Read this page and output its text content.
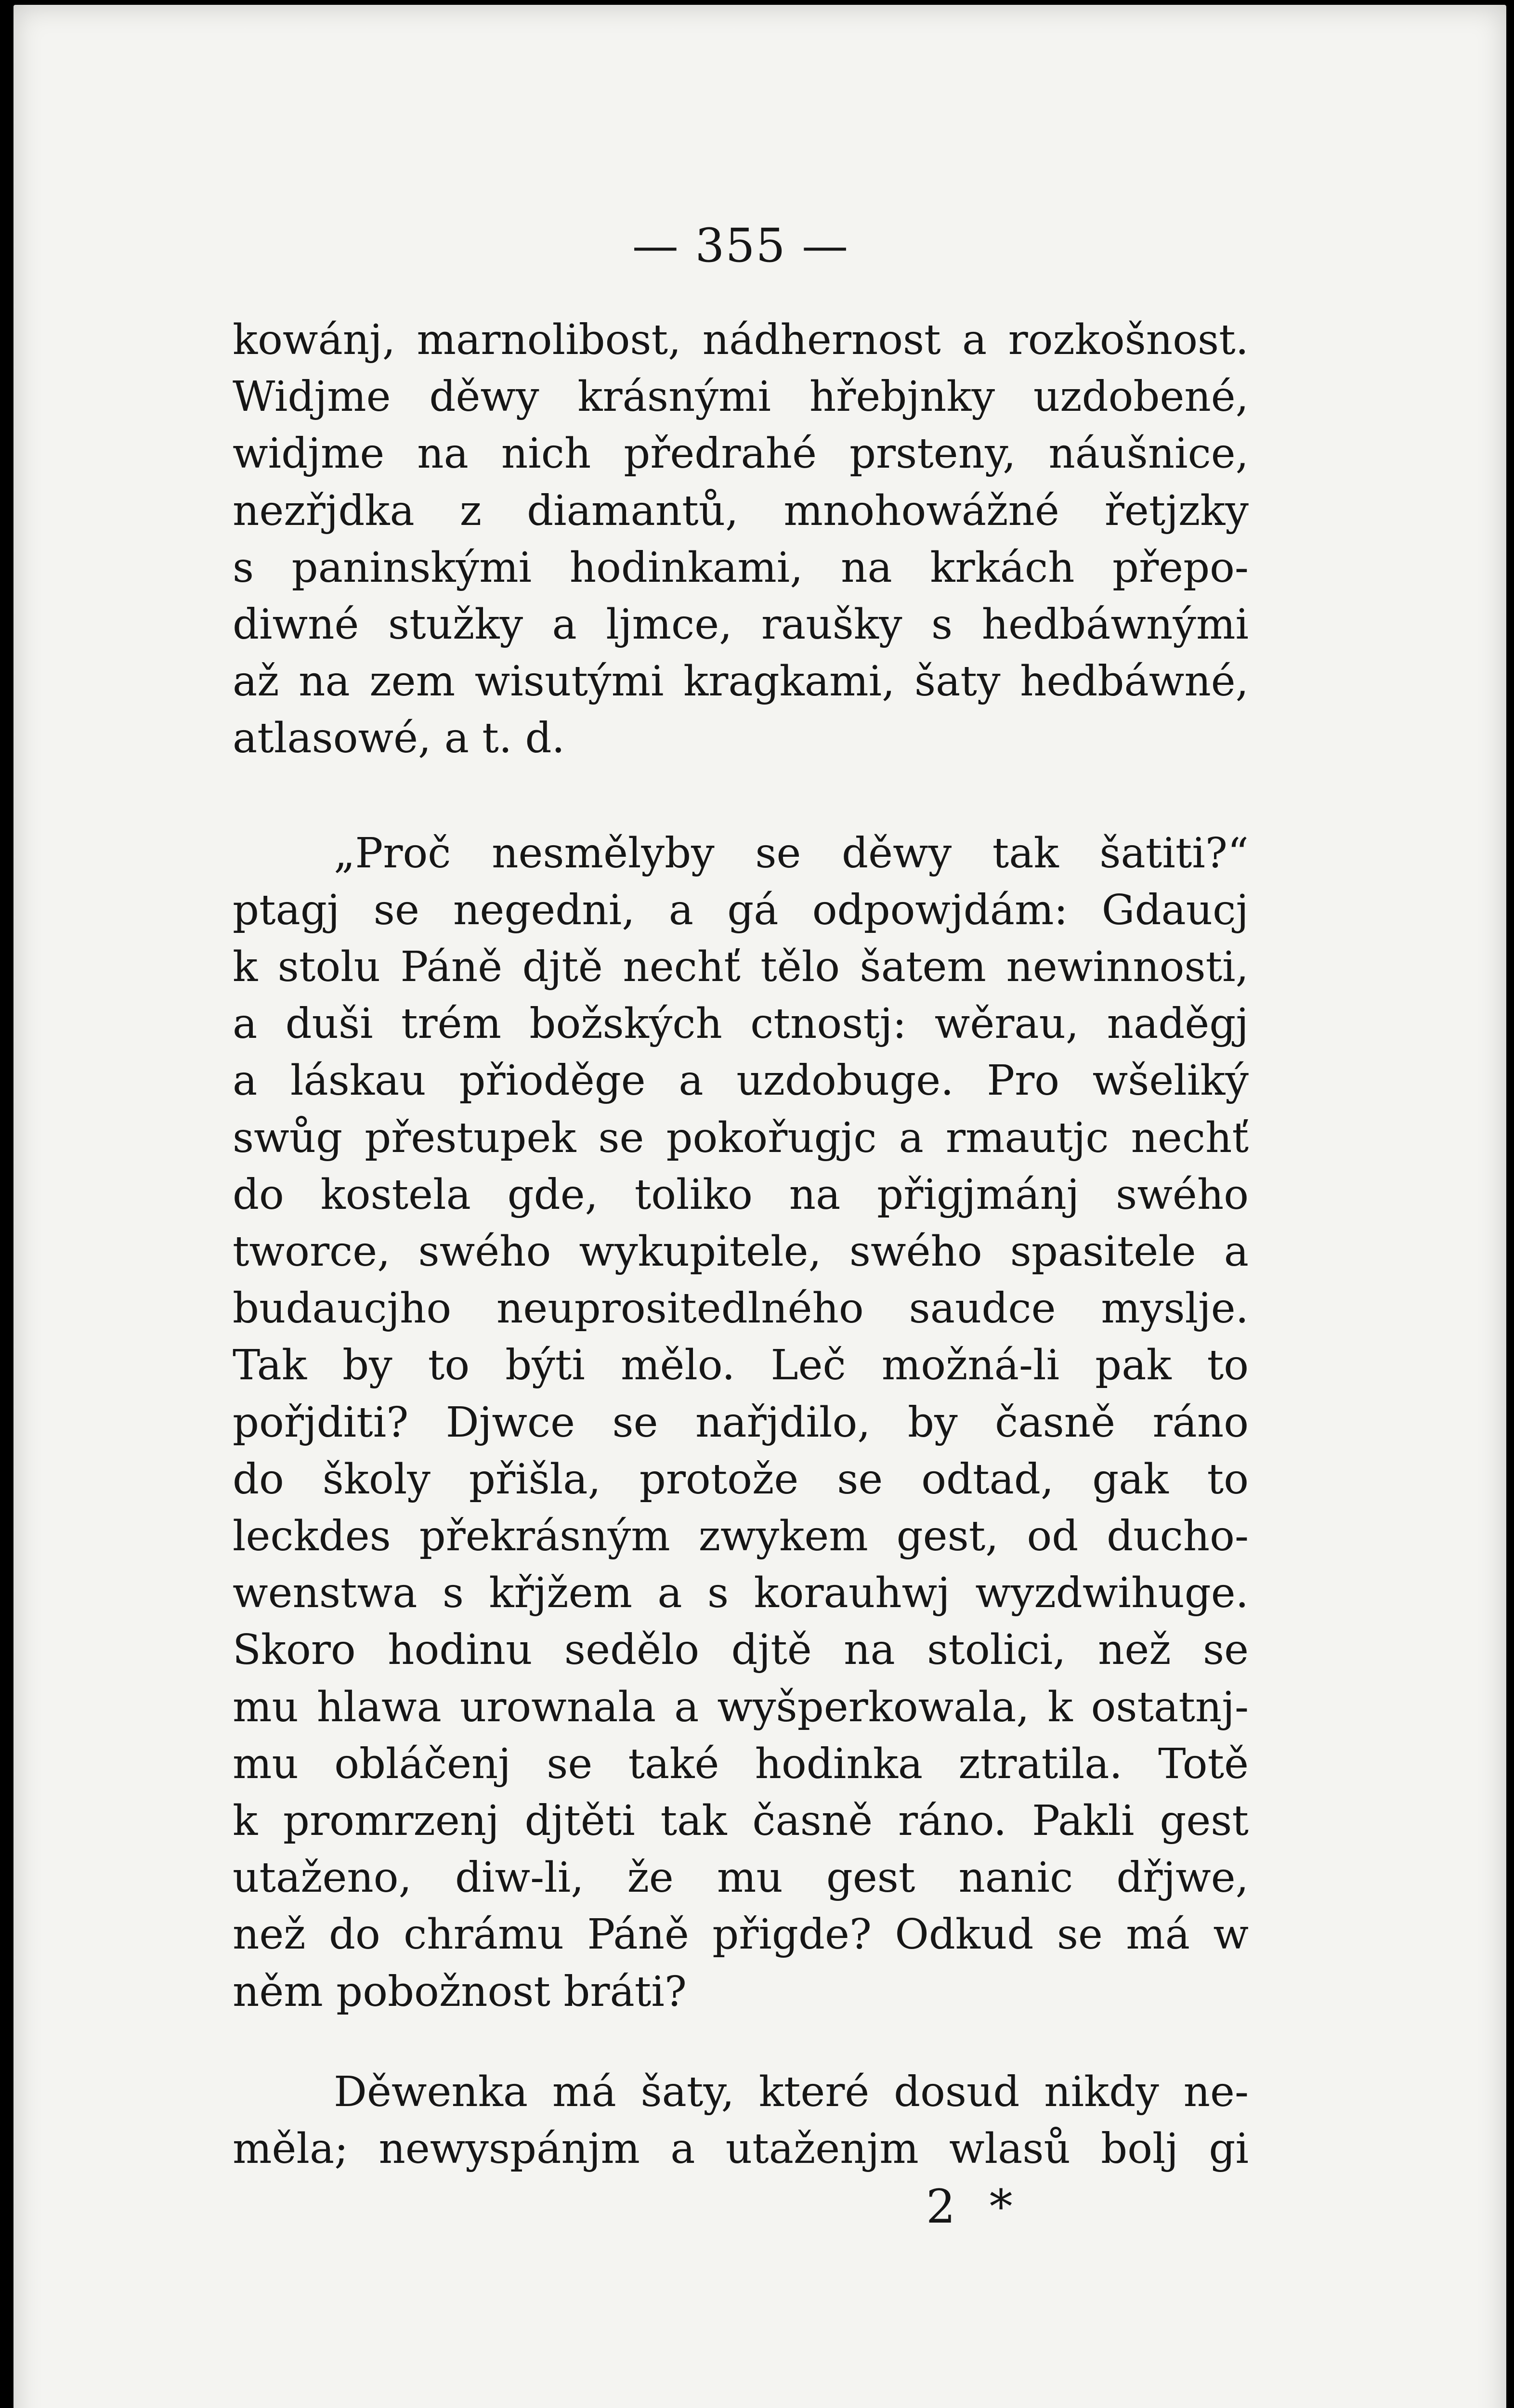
— 355 —
kowánj, marnolibost, nádhernost a rozkošnost.
Widjme děwy krásnými hřebjnky uzdobené,
widjme na nich předrahé prsteny, náušnice,
nezřjdka z diamantů, mnohowážné řetjzky
s paninskými hodinkami, na krkách přepo-
diwné stužky a ljmce, raušky s hedbáwnými
až na zem wisutými kragkami, šaty hedbáwné,
atlasowé, a t. d.
„Proč nesmělyby se děwy tak šatiti?“
ptagj se negedni, a gá odpowjdám: Gdaucj
k stolu Páně djtě nechť tělo šatem newinnosti,
a duši trém božských ctnostj: wěrau, naděgj
a láskau přioděge a uzdobuge. Pro wšeliký
swůg přestupek se pokořugjc a rmautjc nechť
do kostela gde, toliko na přigjmánj swého
tworce, swého wykupitele, swého spasitele a
budaucjho neuprositedlného saudce myslje.
Tak by to býti mělo. Leč možná-li pak to
pořjditi? Djwce se nařjdilo, by časně ráno
do školy přišla, protože se odtad, gak to
leckdes překrásným zwykem gest, od ducho-
wenstwa s křjžem a s korauhwj wyzdwihuge.
Skoro hodinu sedělo djtě na stolici, než se
mu hlawa urownala a wyšperkowala, k ostatnj-
mu obláčenj se také hodinka ztratila. Totě
k promrzenj djtěti tak časně ráno. Pakli gest
utaženo, diw-li, že mu gest nanic dřjwe,
než do chrámu Páně přigde? Odkud se má w
něm pobožnost bráti?
Děwenka má šaty, které dosud nikdy ne-
měla; newyspánjm a utaženjm wlasů bolj gi
2 *
